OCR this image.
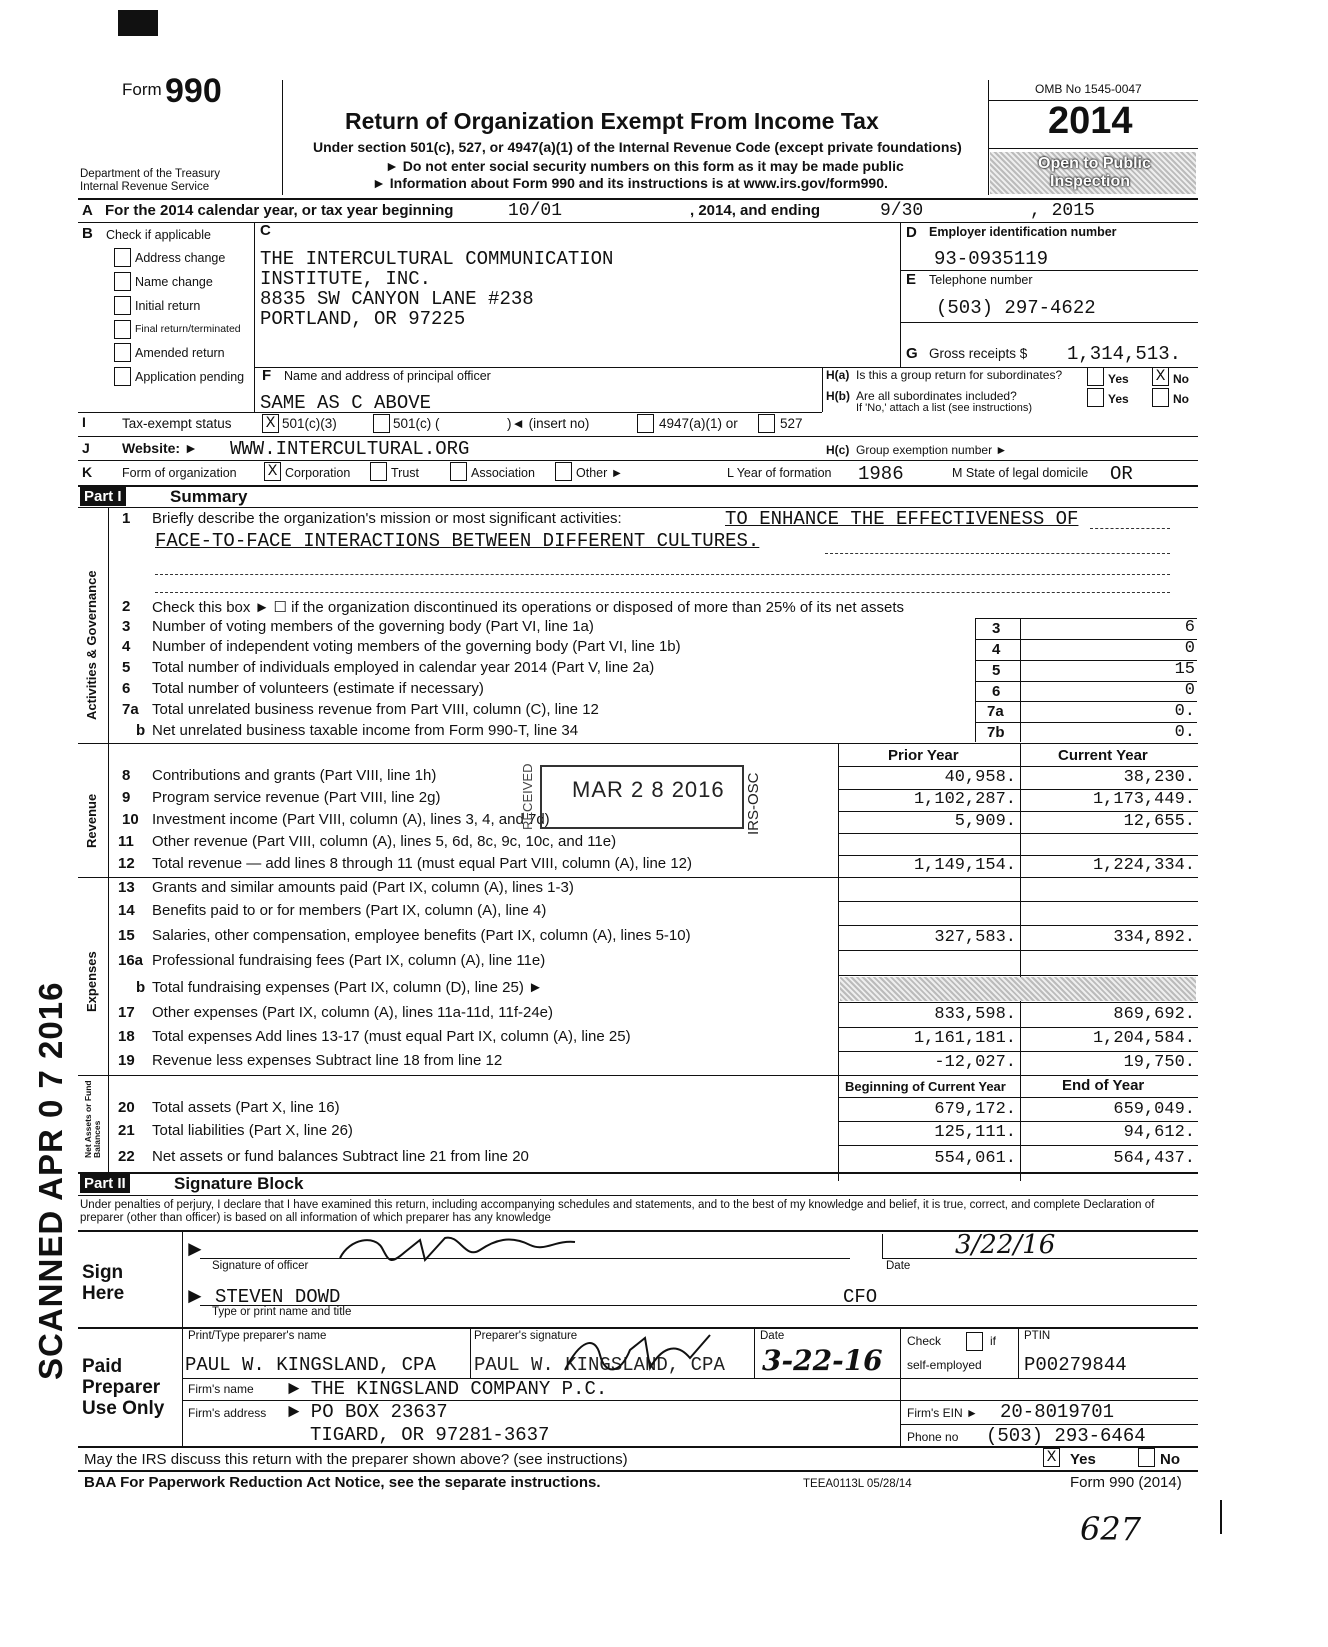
Form 990
Department of the Treasury
Internal Revenue Service
Return of Organization Exempt From Income Tax
Under section 501(c), 527, or 4947(a)(1) of the Internal Revenue Code (except private foundations)
► Do not enter social security numbers on this form as it may be made public
► Information about Form 990 and its instructions is at www.irs.gov/form990.
OMB No 1545-0047
2014
Open to Public
Inspection
A For the 2014 calendar year, or tax year beginning	10/01	, 2014, and ending	9/30	, 2015
B Check if applicable
Address change
Name change
Initial return
Final return/terminated
Amended return
Application pending
C
THE INTERCULTURAL COMMUNICATION
INSTITUTE, INC.
8835 SW CANYON LANE #238
PORTLAND, OR 97225
D Employer identification number
93-0935119
E Telephone number
(503) 297-4622
G Gross receipts $ 1,314,513.
F Name and address of principal officer
SAME AS C ABOVE
H(a) Is this a group return for subordinates?	Yes X No
H(b) Are all subordinates included?
If 'No,' attach a list (see instructions)
Yes	No
I	Tax-exempt status X 501(c)(3)	501(c) (	)◄ (insert no)	4947(a)(1) or	527
J Website: ► WWW.INTERCULTURAL.ORG	H(c) Group exemption number ►
K Form of organization X Corporation	Trust	Association	Other ►	L Year of formation 1986	M State of legal domicile OR
Part I	Summary
Activities & Governance
Revenue
Expenses
Net Assets or Fund Balances
1 Briefly describe the organization's mission or most significant activities:	TO ENHANCE THE EFFECTIVENESS OF
FACE-TO-FACE INTERACTIONS BETWEEN DIFFERENT CULTURES.
2 Check this box ► ☐ if the organization discontinued its operations or disposed of more than 25% of its net assets
3 Number of voting members of the governing body (Part VI, line 1a)	3	6
4 Number of independent voting members of the governing body (Part VI, line 1b)	4	0
5 Total number of individuals employed in calendar year 2014 (Part V, line 2a)	5	15
6 Total number of volunteers (estimate if necessary)	6	0
7a Total unrelated business revenue from Part VIII, column (C), line 12	7a	0.
b Net unrelated business taxable income from Form 990-T, line 34	7b	0.
Prior Year	Current Year
8 Contributions and grants (Part VIII, line 1h)	40,958.	38,230.
9 Program service revenue (Part VIII, line 2g)	1,102,287.	1,173,449.
10 Investment income (Part VIII, column (A), lines 3, 4, and 7d)	5,909.	12,655.
11 Other revenue (Part VIII, column (A), lines 5, 6d, 8c, 9c, 10c, and 11e)
12 Total revenue — add lines 8 through 11 (must equal Part VIII, column (A), line 12)	1,149,154.	1,224,334.
13 Grants and similar amounts paid (Part IX, column (A), lines 1-3)
14 Benefits paid to or for members (Part IX, column (A), line 4)
15 Salaries, other compensation, employee benefits (Part IX, column (A), lines 5-10)	327,583.	334,892.
16a Professional fundraising fees (Part IX, column (A), line 11e)
b Total fundraising expenses (Part IX, column (D), line 25) ►
17 Other expenses (Part IX, column (A), lines 11a-11d, 11f-24e)	833,598.	869,692.
18 Total expenses Add lines 13-17 (must equal Part IX, column (A), line 25)	1,161,181.	1,204,584.
19 Revenue less expenses Subtract line 18 from line 12	-12,027.	19,750.
Beginning of Current Year	End of Year
20 Total assets (Part X, line 16)	679,172.	659,049.
21 Total liabilities (Part X, line 26)	125,111.	94,612.
22 Net assets or fund balances Subtract line 21 from line 20	554,061.	564,437.
MAR 2 8 2016 IRS-OSC
RECEIVED
Part II	Signature Block
Under penalties of perjury, I declare that I have examined this return, including accompanying schedules and statements, and to the best of my knowledge and belief, it is true, correct, and complete Declaration of preparer (other than officer) is based on all information of which preparer has any knowledge
Sign
Here
►
►
Signature of officer	Date
3/22/16
STEVEN DOWD	CFO
Type or print name and title
Paid
Preparer
Use Only
Print/Type preparer's name	Preparer's signature	Date	Check	if
self-employed
PTIN
PAUL W. KINGSLAND, CPA PAUL W. KINGSLAND, CPA 3-22-16	P00279844
Firm's name ► THE KINGSLAND COMPANY P.C.
Firm's address ► PO BOX 23637
TIGARD, OR 97281-3637
Firm's EIN ► 20-8019701
Phone no (503) 293-6464
May the IRS discuss this return with the preparer shown above? (see instructions)	X Yes	No
BAA For Paperwork Reduction Act Notice, see the separate instructions.	TEEA0113L 05/28/14	Form 990 (2014)
627
SCANNED APR 0 7 2016
